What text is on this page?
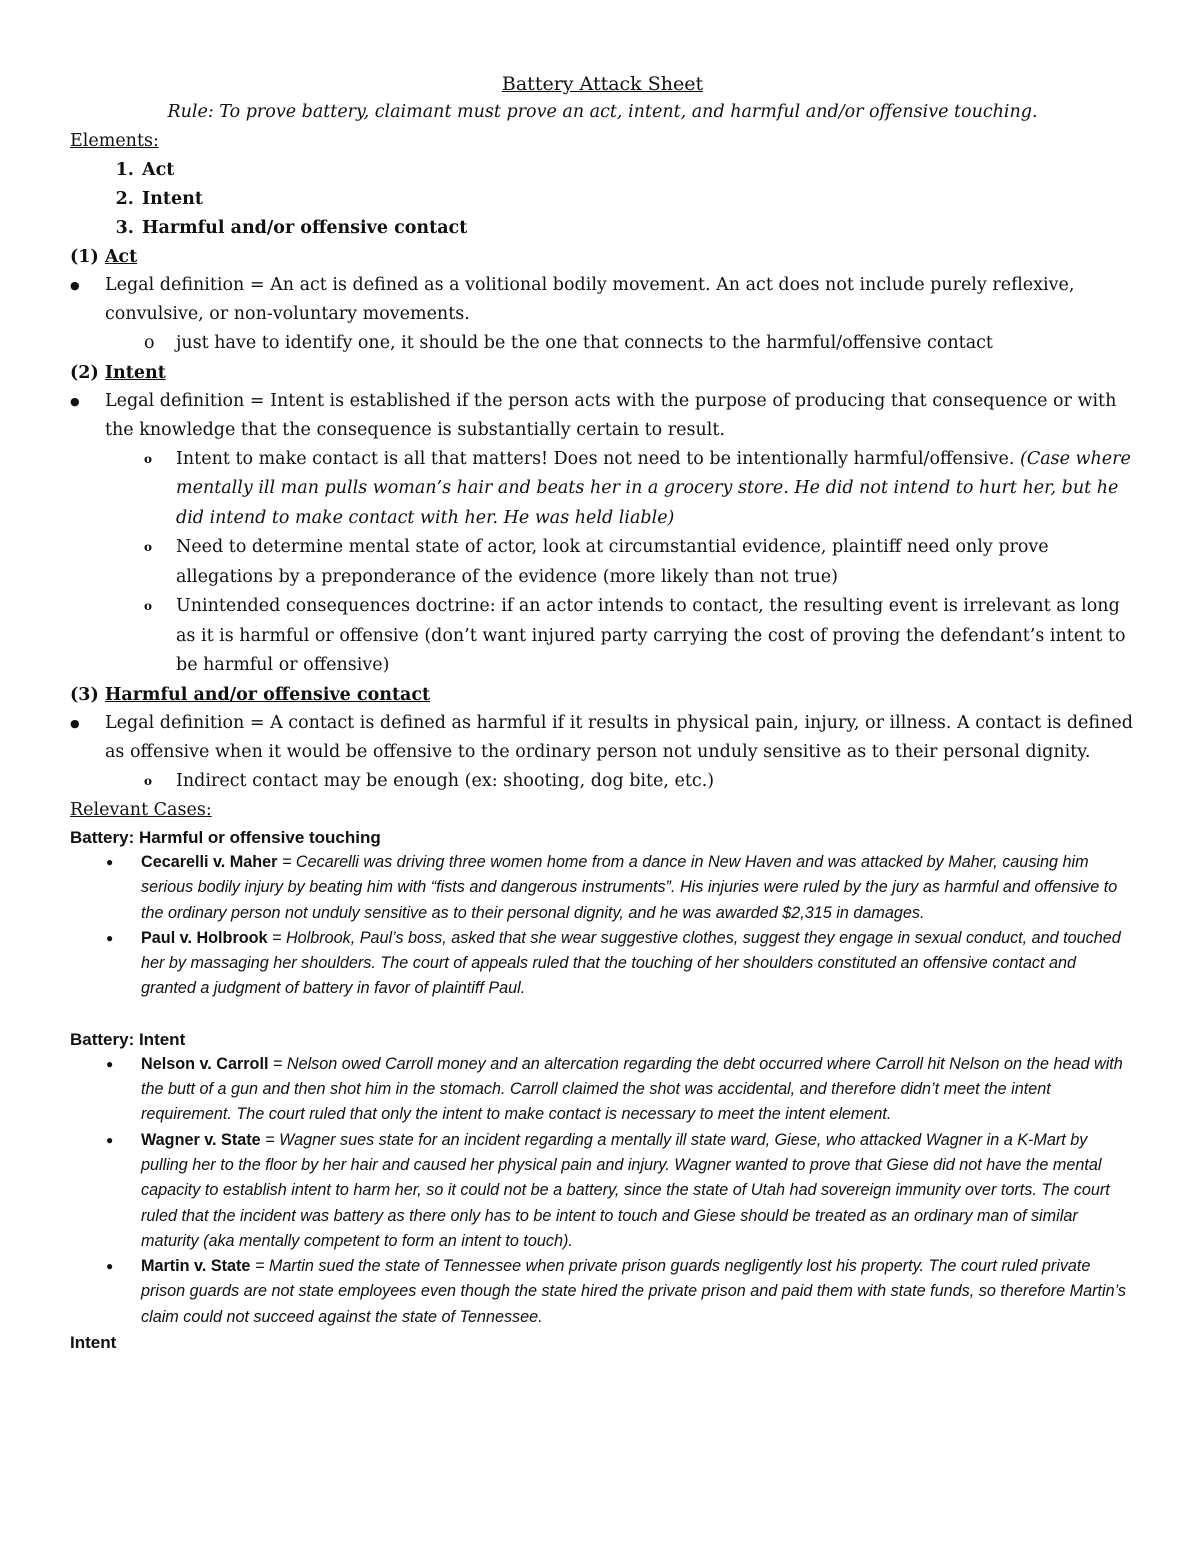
Battery Attack Sheet
Rule: To prove battery, claimant must prove an act, intent, and harmful and/or offensive touching.
Elements:
1. Act
2. Intent
3. Harmful and/or offensive contact
(1) Act
● Legal definition = An act is defined as a volitional bodily movement. An act does not include purely reflexive, convulsive, or non-voluntary movements.
o just have to identify one, it should be the one that connects to the harmful/offensive contact
(2) Intent
● Legal definition = Intent is established if the person acts with the purpose of producing that consequence or with the knowledge that the consequence is substantially certain to result.
o Intent to make contact is all that matters! Does not need to be intentionally harmful/offensive. (Case where mentally ill man pulls woman’s hair and beats her in a grocery store. He did not intend to hurt her, but he did intend to make contact with her. He was held liable)
o Need to determine mental state of actor, look at circumstantial evidence, plaintiff need only prove allegations by a preponderance of the evidence (more likely than not true)
o Unintended consequences doctrine: if an actor intends to contact, the resulting event is irrelevant as long as it is harmful or offensive (don’t want injured party carrying the cost of proving the defendant’s intent to be harmful or offensive)
(3) Harmful and/or offensive contact
● Legal definition = A contact is defined as harmful if it results in physical pain, injury, or illness. A contact is defined as offensive when it would be offensive to the ordinary person not unduly sensitive as to their personal dignity.
o Indirect contact may be enough (ex: shooting, dog bite, etc.)
Relevant Cases:
Battery: Harmful or offensive touching
● Cecarelli v. Maher = Cecarelli was driving three women home from a dance in New Haven and was attacked by Maher, causing him serious bodily injury by beating him with “fists and dangerous instruments”. His injuries were ruled by the jury as harmful and offensive to the ordinary person not unduly sensitive as to their personal dignity, and he was awarded $2,315 in damages.
● Paul v. Holbrook = Holbrook, Paul’s boss, asked that she wear suggestive clothes, suggest they engage in sexual conduct, and touched her by massaging her shoulders. The court of appeals ruled that the touching of her shoulders constituted an offensive contact and granted a judgment of battery in favor of plaintiff Paul.
Battery: Intent
● Nelson v. Carroll = Nelson owed Carroll money and an altercation regarding the debt occurred where Carroll hit Nelson on the head with the butt of a gun and then shot him in the stomach. Carroll claimed the shot was accidental, and therefore didn’t meet the intent requirement. The court ruled that only the intent to make contact is necessary to meet the intent element.
● Wagner v. State = Wagner sues state for an incident regarding a mentally ill state ward, Giese, who attacked Wagner in a K-Mart by pulling her to the floor by her hair and caused her physical pain and injury. Wagner wanted to prove that Giese did not have the mental capacity to establish intent to harm her, so it could not be a battery, since the state of Utah had sovereign immunity over torts. The court ruled that the incident was battery as there only has to be intent to touch and Giese should be treated as an ordinary man of similar maturity (aka mentally competent to form an intent to touch).
● Martin v. State = Martin sued the state of Tennessee when private prison guards negligently lost his property. The court ruled private prison guards are not state employees even though the state hired the private prison and paid them with state funds, so therefore Martin’s claim could not succeed against the state of Tennessee.
Intent
